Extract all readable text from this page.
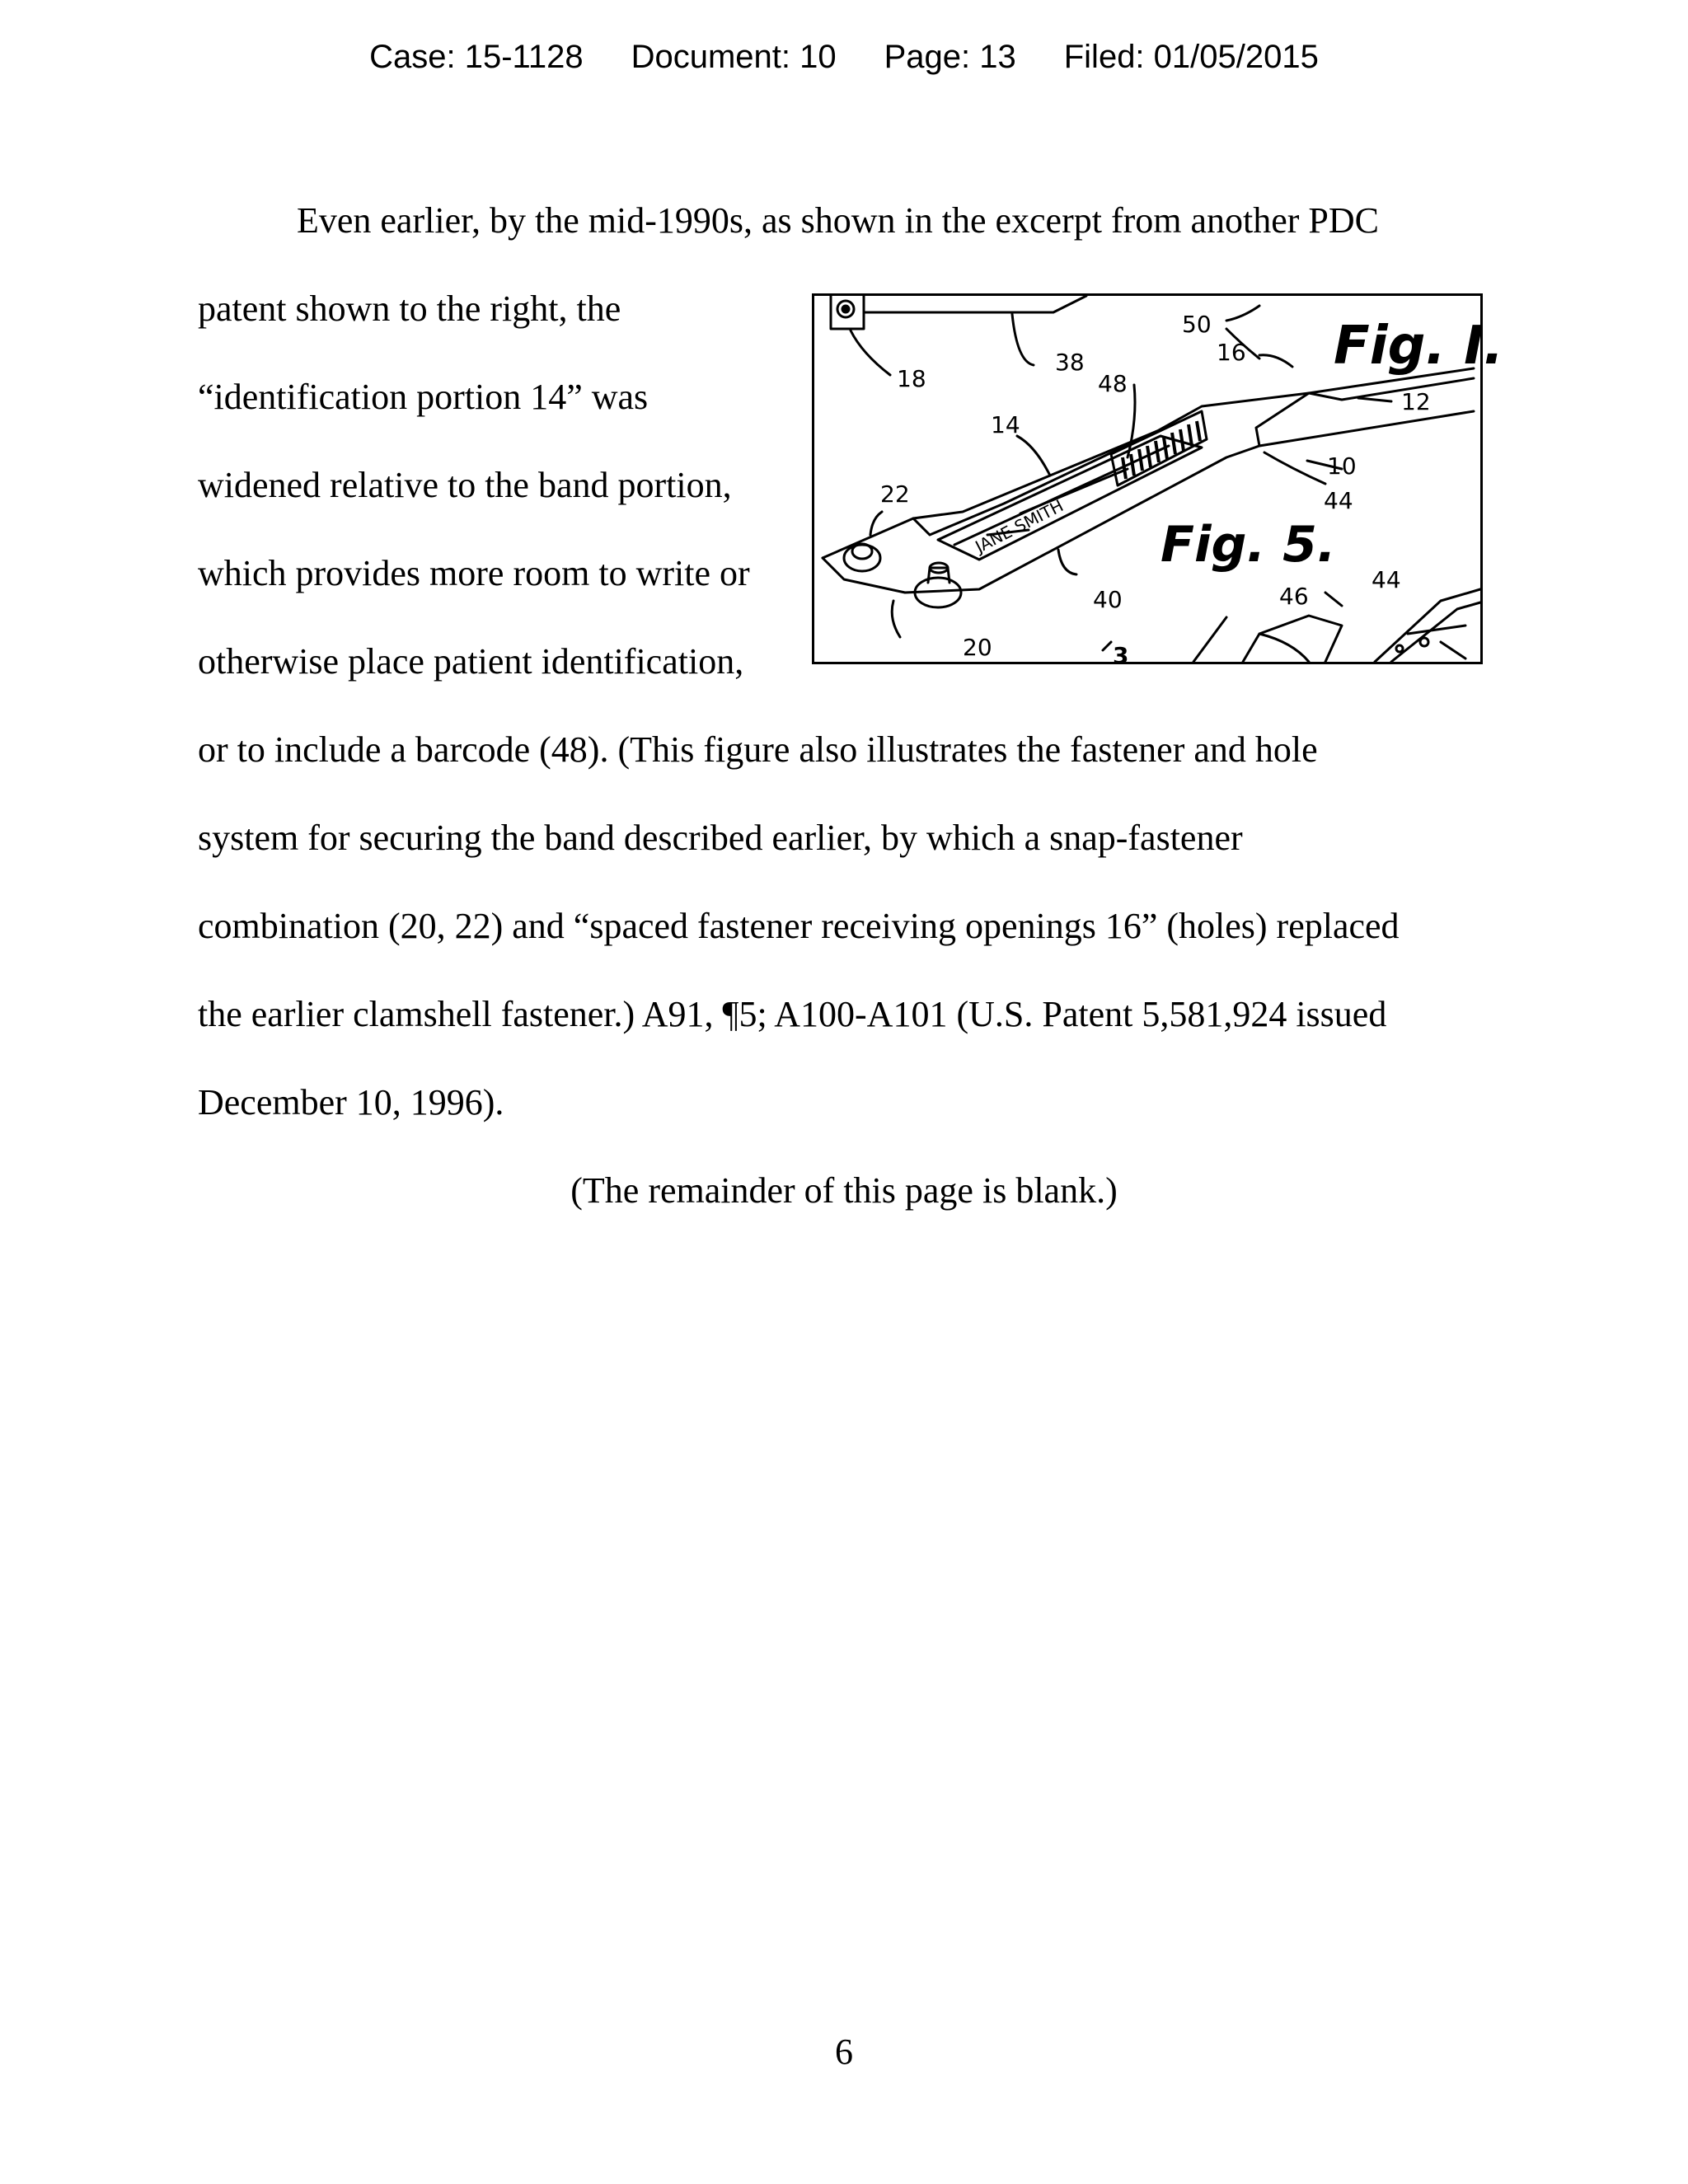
Case: 15-1128 Document: 10 Page: 13 Filed: 01/05/2015
Even earlier, by the mid-1990s, as shown in the excerpt from another PDC
patent shown to the right, the
“identification portion 14” was
widened relative to the band portion,
which provides more room to write or
otherwise place patient identification,
or to include a barcode (48). (This figure also illustrates the fastener and hole
system for securing the band described earlier, by which a snap-fastener
combination (20, 22) and “spaced fastener receiving openings 16” (holes) replaced
the earlier clamshell fastener.) A91, ¶5; A100-A101 (U.S. Patent 5,581,924 issued
December 10, 1996).
(The remainder of this page is blank.)
JANE SMITH
Fig. I.
Fig. 5.
50
16
38
18	48
12
14
10
22	44
40	46
44
20	3
6
